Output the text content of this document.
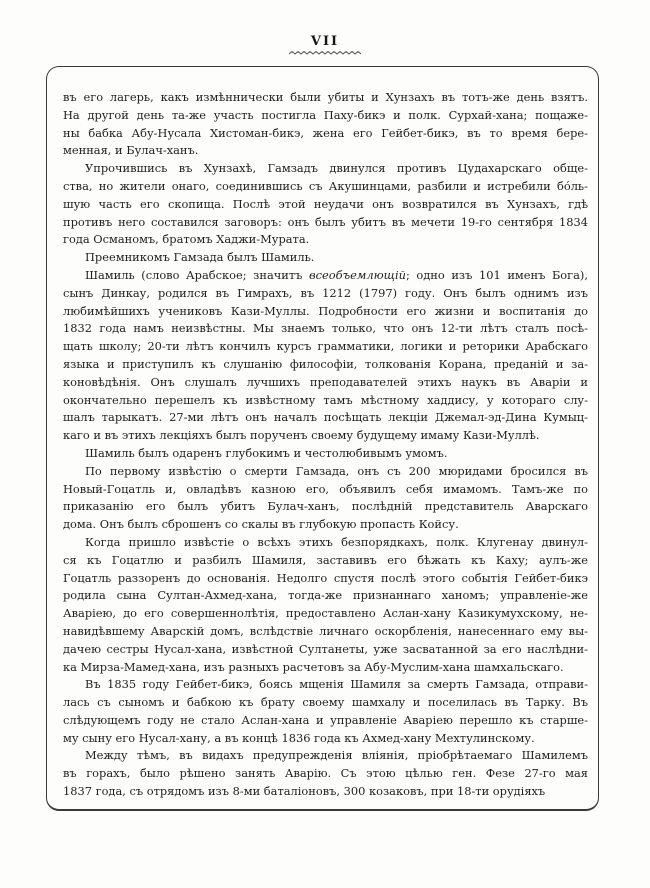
VII
въ его лагерь, какъ измѣннически были убиты и Хунзахъ въ тотъ-же день взятъ.
На другой день та-же участь постигла Паху-бикэ и полк. Сурхай-хана; пощаже-
ны бабка Абу-Нусала Хистоман-бикэ, жена его Гейбет-бикэ, въ то время бере-
менная, и Булач-ханъ.
Упрочившись въ Хунзахѣ, Гамзадъ двинулся противъ Цудахарскаго обще-
ства, но жители онаго, соединившись съ Акушинцами, разбили и истребили бо́ль-
шую часть его скопища. Послѣ этой неудачи онъ возвратился въ Хунзахъ, гдѣ
противъ него составился заговоръ: онъ былъ убитъ въ мечети 19-го сентября 1834
года Османомъ, братомъ Хаджи-Мурата.
Преемникомъ Гамзада былъ Шамиль.
Шамиль (слово Арабское; значитъ всеобъемлющій; одно изъ 101 именъ Бога),
сынъ Динкау, родился въ Гимрахъ, въ 1212 (1797) году. Онъ былъ однимъ изъ
любимѣйшихъ учениковъ Кази-Муллы. Подробности его жизни и воспитанія до
1832 года намъ неизвѣстны. Мы знаемъ только, что онъ 12-ти лѣтъ сталъ посѣ-
щать школу; 20-ти лѣтъ кончилъ курсъ грамматики, логики и реторики Арабскаго
языка и приступилъ къ слушанію философіи, толкованія Корана, преданій и за-
коновѣдѣнія. Онъ слушалъ лучшихъ преподавателей этихъ наукъ въ Аваріи и
окончательно перешелъ къ извѣстному тамъ мѣстному хаддису, у котораго слу-
шалъ тарыкатъ. 27-ми лѣтъ онъ началъ посѣщать лекціи Джемал-эд-Дина Кумыц-
каго и въ этихъ лекціяхъ былъ порученъ своему будущему имаму Кази-Муллѣ.
Шамиль былъ одаренъ глубокимъ и честолюбивымъ умомъ.
По первому извѣстію о смерти Гамзада, онъ съ 200 мюридами бросился въ
Новый-Гоцатль и, овладѣвъ казною его, объявилъ себя имамомъ. Тамъ-же по
приказанію его былъ убитъ Булач-ханъ, послѣдній представитель Аварскаго
дома. Онъ былъ сброшенъ со скалы въ глубокую пропасть Койсу.
Когда пришло извѣстіе о всѣхъ этихъ безпорядкахъ, полк. Клугенау двинул-
ся къ Гоцатлю и разбилъ Шамиля, заставивъ его бѣжать къ Каху; аулъ-же
Гоцатль раззоренъ до основанія. Недолго спустя послѣ этого событія Гейбет-бикэ
родила сына Султан-Ахмед-хана, тогда-же признаннаго ханомъ; управленіе-же
Аваріею, до его совершеннолѣтія, предоставлено Аслан-хану Казикумухскому, не-
навидѣвшему Аварскій домъ, вслѣдствіе личнаго оскорбленія, нанесеннаго ему вы-
дачею сестры Нусал-хана, извѣстной Султанеты, уже засватанной за его наслѣдни-
ка Мирза-Мамед-хана, изъ разныхъ расчетовъ за Абу-Муслим-хана шамхальскаго.
Въ 1835 году Гейбет-бикэ, боясь мщенія Шамиля за смерть Гамзада, отправи-
лась съ сыномъ и бабкою къ брату своему шамхалу и поселилась въ Тарку. Въ
слѣдующемъ году не стало Аслан-хана и управленіе Аваріею перешло къ старше-
му сыну его Нусал-хану, а въ концѣ 1836 года къ Ахмед-хану Мехтулинскому.
Между тѣмъ, въ видахъ предупрежденія вліянія, пріобрѣтаемаго Шамилемъ
въ горахъ, было рѣшено занять Аварію. Съ этою цѣлью ген. Фезе 27-го мая
1837 года, съ отрядомъ изъ 8-ми баталіоновъ, 300 козаковъ, при 18-ти орудіяхъ
